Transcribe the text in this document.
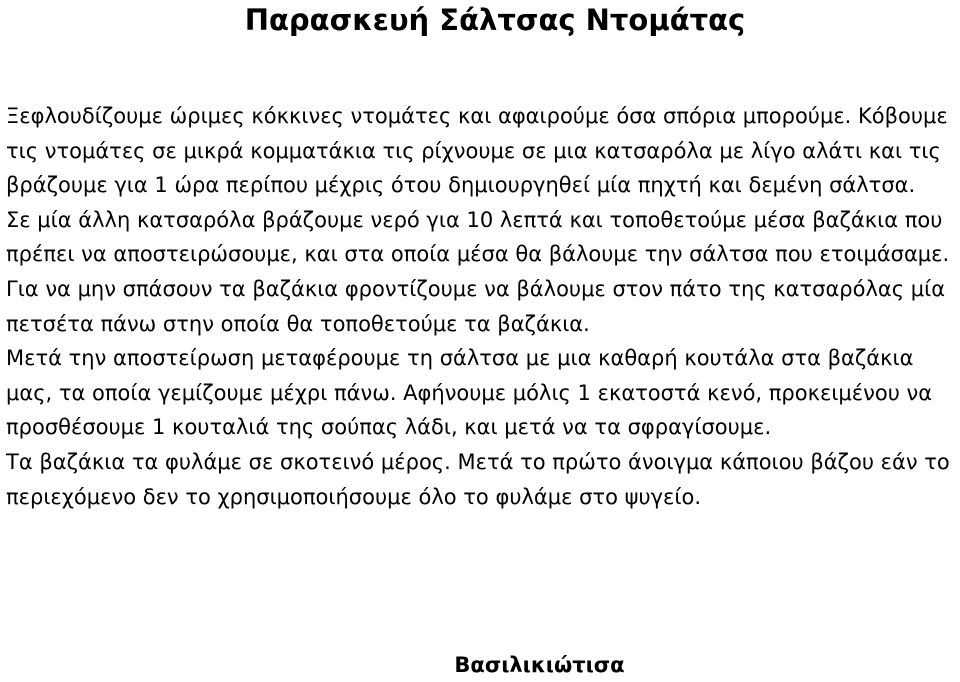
Παρασκευή Σάλτσας Ντομάτας

Ξεφλουδίζουμε ώριμες κόκκινες ντομάτες και αφαιρούμε όσα σπόρια μπορούμε. Κόβουμε τις ντομάτες σε μικρά κομματάκια τις ρίχνουμε σε μια κατσαρόλα με λίγο αλάτι και τις βράζουμε για 1 ώρα περίπου μέχρις ότου δημιουργηθεί μία πηχτή και δεμένη σάλτσα.

Σε μία άλλη κατσαρόλα βράζουμε νερό για 10 λεπτά και τοποθετούμε μέσα βαζάκια που πρέπει να αποστειρώσουμε, και στα οποία μέσα θα βάλουμε την σάλτσα που ετοιμάσαμε. Για να μην σπάσουν τα βαζάκια φροντίζουμε να βάλουμε στον πάτο της κατσαρόλας μία πετσέτα πάνω στην οποία θα τοποθετούμε τα βαζάκια.

Μετά την αποστείρωση μεταφέρουμε τη σάλτσα με μια καθαρή κουτάλα στα βαζάκια μας, τα οποία γεμίζουμε μέχρι πάνω. Αφήνουμε μόλις 1 εκατοστά κενό, προκειμένου να προσθέσουμε 1 κουταλιά της σούπας λάδι, και μετά να τα σφραγίσουμε.

Τα βαζάκια τα φυλάμε σε σκοτεινό μέρος. Μετά το πρώτο άνοιγμα κάποιου βάζου εάν το περιεχόμενο δεν το χρησιμοποιήσουμε όλο το φυλάμε στο ψυγείο.

Βασιλικιώτισα
